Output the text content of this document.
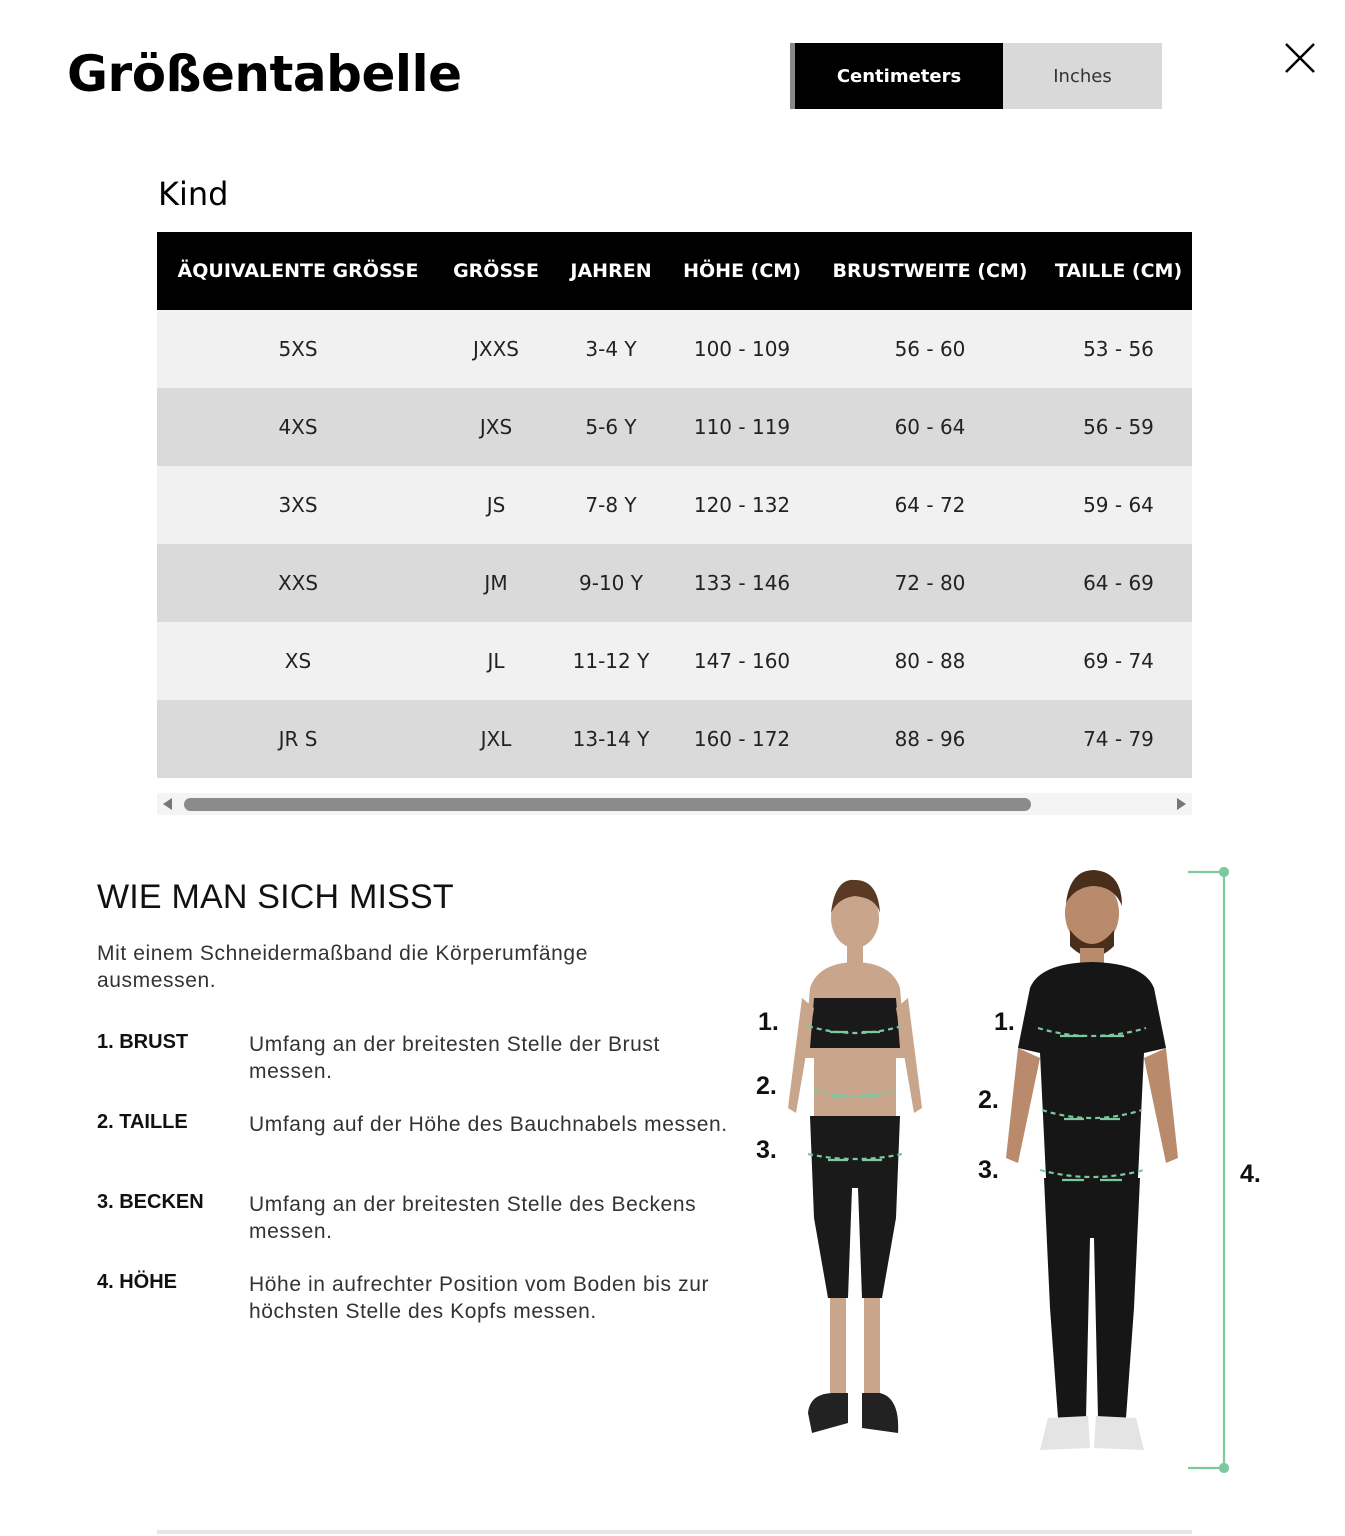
Größentabelle	Centimeters	Inches
Kind
ÄQUIVALENTE GRÖSSE	GRÖSSE	JAHREN	HÖHE (CM)	BRUSTWEITE (CM)	TAILLE (CM)
5XS	JXXS	3-4 Y	100 - 109	56 - 60	53 - 56
4XS	JXS	5-6 Y	110 - 119	60 - 64	56 - 59
3XS	JS	7-8 Y	120 - 132	64 - 72	59 - 64
XXS	JM	9-10 Y	133 - 146	72 - 80	64 - 69
XS	JL	11-12 Y	147 - 160	80 - 88	69 - 74
JR S	JXL	13-14 Y	160 - 172	88 - 96	74 - 79
WIE MAN SICH MISST
Mit einem Schneidermaßband die Körperumfänge ausmessen.
1. BRUST	Umfang an der breitesten Stelle der Brust messen.
2. TAILLE	Umfang auf der Höhe des Bauchnabels messen.
3. BECKEN Umfang an der breitesten Stelle des Beckens messen.
4. HÖHE	Höhe in aufrechter Position vom Boden bis zur höchsten Stelle des Kopfs messen.
1.
2.
3.
1.
2.
3.	4.
